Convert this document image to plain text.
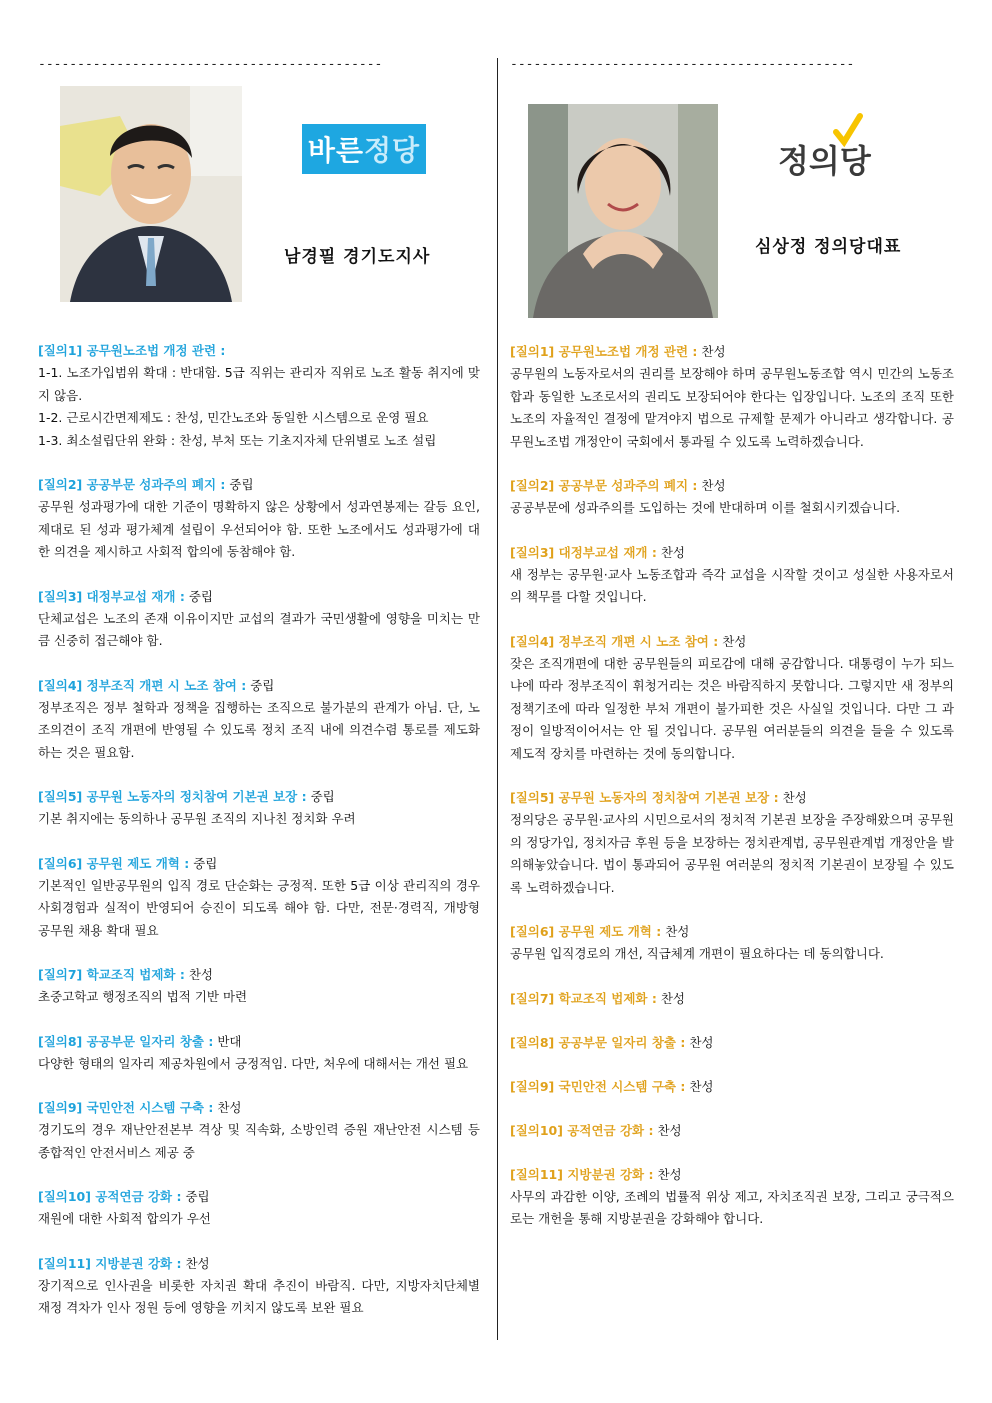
--------------------------------------------
바른 정당
남경필 경기도지사
[질의1] 공무원노조법 개정 관련 :
1-1. 노조가입범위 확대 : 반대함. 5급 직위는 관리자 직위로 노조 활동 취지에 맞지 않음.
1-2. 근로시간면제제도 : 찬성, 민간노조와 동일한 시스템으로 운영 필요
1-3. 최소설립단위 완화 : 찬성, 부처 또는 기초지자체 단위별로 노조 설립
[질의2] 공공부문 성과주의 폐지 : 중립
공무원 성과평가에 대한 기준이 명확하지 않은 상황에서 성과연봉제는 갈등 요인, 제대로 된 성과 평가체계 설립이 우선되어야 함. 또한 노조에서도 성과평가에 대한 의견을 제시하고 사회적 합의에 동참해야 함.
[질의3] 대정부교섭 재개 : 중립
단체교섭은 노조의 존재 이유이지만 교섭의 결과가 국민생활에 영향을 미치는 만큼 신중히 접근해야 함.
[질의4] 정부조직 개편 시 노조 참여 : 중립
정부조직은 정부 철학과 정책을 집행하는 조직으로 불가분의 관계가 아님. 단, 노조의견이 조직 개편에 반영될 수 있도록 정치 조직 내에 의견수렴 통로를 제도화하는 것은 필요함.
[질의5] 공무원 노동자의 정치참여 기본권 보장 : 중립
기본 취지에는 동의하나 공무원 조직의 지나친 정치화 우려
[질의6] 공무원 제도 개혁 : 중립
기본적인 일반공무원의 입직 경로 단순화는 긍정적. 또한 5급 이상 관리직의 경우 사회경험과 실적이 반영되어 승진이 되도록 해야 함. 다만, 전문·경력직, 개방형 공무원 채용 확대 필요
[질의7] 학교조직 법제화 : 찬성
초중고학교 행정조직의 법적 기반 마련
[질의8] 공공부문 일자리 창출 : 반대
다양한 형태의 일자리 제공차원에서 긍정적임. 다만, 처우에 대해서는 개선 필요
[질의9] 국민안전 시스템 구축 : 찬성
경기도의 경우 재난안전본부 격상 및 직속화, 소방인력 증원 재난안전 시스템 등 종합적인 안전서비스 제공 중
[질의10] 공적연금 강화 : 중립
재원에 대한 사회적 합의가 우선
[질의11] 지방분권 강화 : 찬성
장기적으로 인사권을 비롯한 자치권 확대 추진이 바람직. 다만, 지방자치단체별 재정 격차가 인사 정원 등에 영향을 끼치지 않도록 보완 필요
--------------------------------------------
정의당
심상정 정의당대표
[질의1] 공무원노조법 개정 관련 : 찬성
공무원의 노동자로서의 권리를 보장해야 하며 공무원노동조합 역시 민간의 노동조합과 동일한 노조로서의 권리도 보장되어야 한다는 입장입니다. 노조의 조직 또한 노조의 자율적인 결정에 맡겨야지 법으로 규제할 문제가 아니라고 생각합니다. 공무원노조법 개정안이 국회에서 통과될 수 있도록 노력하겠습니다.
[질의2] 공공부문 성과주의 폐지 : 찬성
공공부문에 성과주의를 도입하는 것에 반대하며 이를 철회시키겠습니다.
[질의3] 대정부교섭 재개 : 찬성
새 정부는 공무원·교사 노동조합과 즉각 교섭을 시작할 것이고 성실한 사용자로서의 책무를 다할 것입니다.
[질의4] 정부조직 개편 시 노조 참여 : 찬성
잦은 조직개편에 대한 공무원들의 피로감에 대해 공감합니다. 대통령이 누가 되느냐에 따라 정부조직이 휘청거리는 것은 바람직하지 못합니다. 그렇지만 새 정부의 정책기조에 따라 일정한 부처 개편이 불가피한 것은 사실일 것입니다. 다만 그 과정이 일방적이어서는 안 될 것입니다. 공무원 여러분들의 의견을 들을 수 있도록 제도적 장치를 마련하는 것에 동의합니다.
[질의5] 공무원 노동자의 정치참여 기본권 보장 : 찬성
정의당은 공무원·교사의 시민으로서의 정치적 기본권 보장을 주장해왔으며 공무원의 정당가입, 정치자금 후원 등을 보장하는 정치관계법, 공무원관계법 개정안을 발의해놓았습니다. 법이 통과되어 공무원 여러분의 정치적 기본권이 보장될 수 있도록 노력하겠습니다.
[질의6] 공무원 제도 개혁 : 찬성
공무원 입직경로의 개선, 직급체계 개편이 필요하다는 데 동의합니다.
[질의7] 학교조직 법제화 : 찬성
[질의8] 공공부문 일자리 창출 : 찬성
[질의9] 국민안전 시스템 구축 : 찬성
[질의10] 공적연금 강화 : 찬성
[질의11] 지방분권 강화 : 찬성
사무의 과감한 이양, 조례의 법률적 위상 제고, 자치조직권 보장, 그리고 궁극적으로는 개헌을 통해 지방분권을 강화해야 합니다.
